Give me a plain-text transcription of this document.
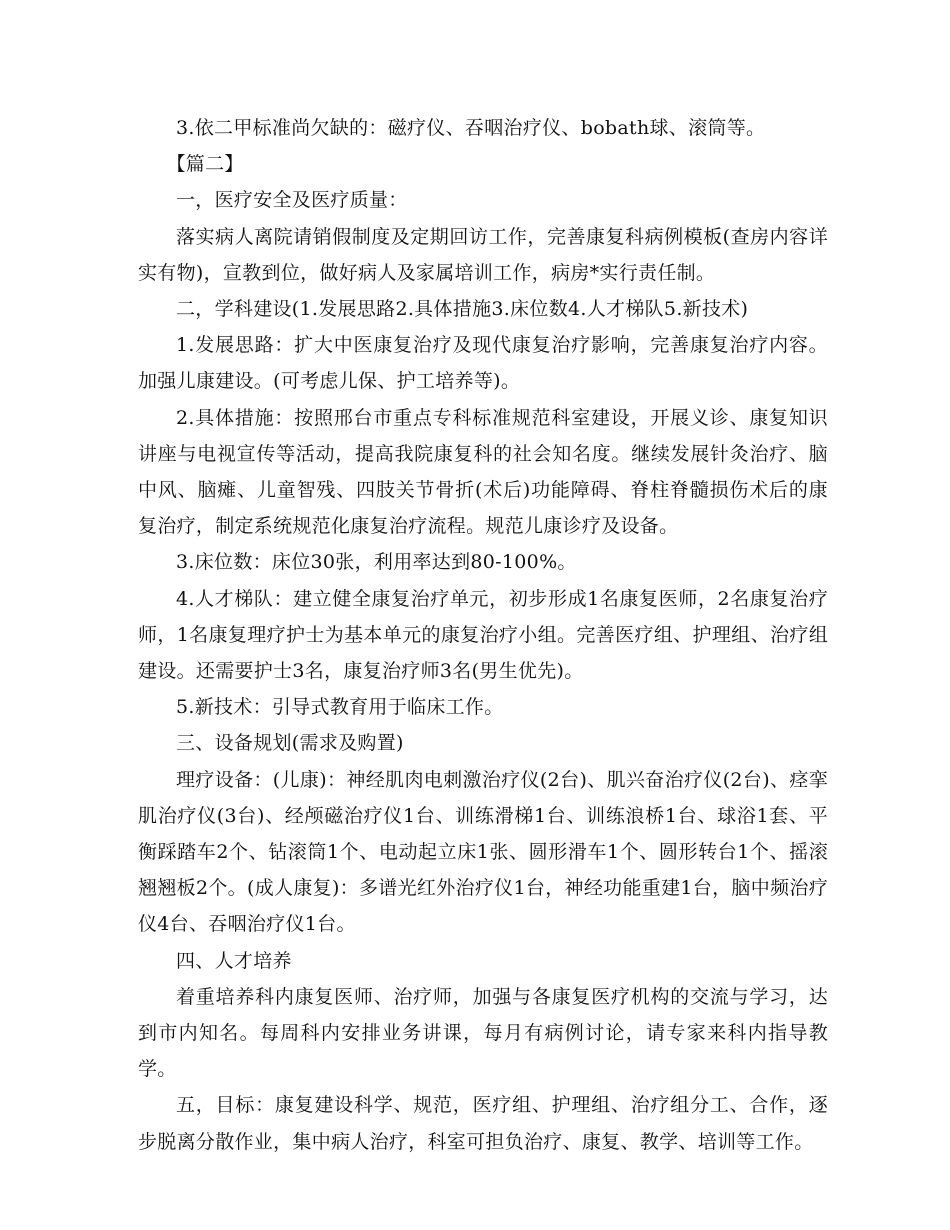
3.依二甲标准尚欠缺的：磁疗仪、吞咽治疗仪、bobath球、滚筒等。

【篇二】

一，医疗安全及医疗质量：

落实病人离院请销假制度及定期回访工作，完善康复科病例模板(查房内容详实有物)，宣教到位，做好病人及家属培训工作，病房*实行责任制。

二，学科建设(1.发展思路2.具体措施3.床位数4.人才梯队5.新技术)

1.发展思路：扩大中医康复治疗及现代康复治疗影响，完善康复治疗内容。加强儿康建设。(可考虑儿保、护工培养等)。

2.具体措施：按照邢台市重点专科标准规范科室建设，开展义诊、康复知识讲座与电视宣传等活动，提高我院康复科的社会知名度。继续发展针灸治疗、脑中风、脑瘫、儿童智残、四肢关节骨折(术后)功能障碍、脊柱脊髓损伤术后的康复治疗，制定系统规范化康复治疗流程。规范儿康诊疗及设备。

3.床位数：床位30张，利用率达到80-100%。

4.人才梯队：建立健全康复治疗单元，初步形成1名康复医师，2名康复治疗师，1名康复理疗护士为基本单元的康复治疗小组。完善医疗组、护理组、治疗组建设。还需要护士3名，康复治疗师3名(男生优先)。

5.新技术：引导式教育用于临床工作。

三、设备规划(需求及购置)

理疗设备：(儿康)：神经肌肉电刺激治疗仪(2台)、肌兴奋治疗仪(2台)、痉挛肌治疗仪(3台)、经颅磁治疗仪1台、训练滑梯1台、训练浪桥1台、球浴1套、平衡踩踏车2个、钻滚筒1个、电动起立床1张、圆形滑车1个、圆形转台1个、摇滚翘翘板2个。(成人康复)：多谱光红外治疗仪1台，神经功能重建1台，脑中频治疗仪4台、吞咽治疗仪1台。

四、人才培养

着重培养科内康复医师、治疗师，加强与各康复医疗机构的交流与学习，达到市内知名。每周科内安排业务讲课，每月有病例讨论，请专家来科内指导教学。

五，目标：康复建设科学、规范，医疗组、护理组、治疗组分工、合作，逐步脱离分散作业，集中病人治疗，科室可担负治疗、康复、教学、培训等工作。
